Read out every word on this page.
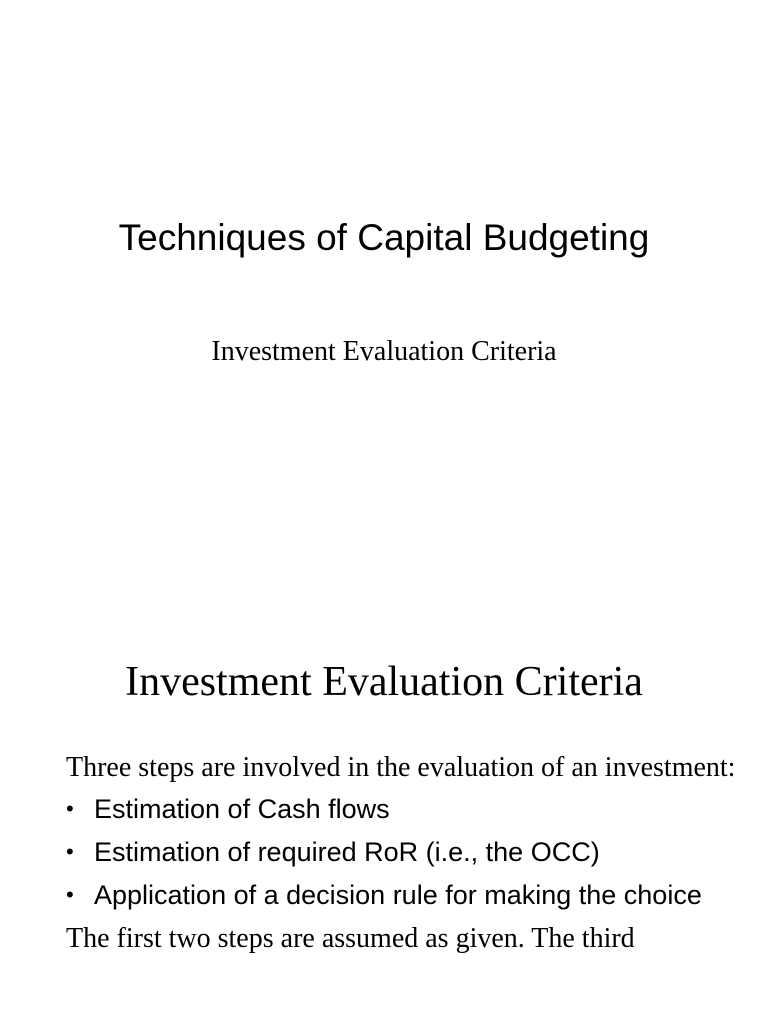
Techniques of Capital Budgeting
Investment Evaluation Criteria
Investment Evaluation Criteria

Three steps are involved in the evaluation of an investment:

• Estimation of Cash flows
• Estimation of required RoR (i.e., the OCC)
• Application of a decision rule for making the choice

The first two steps are assumed as given. The third
